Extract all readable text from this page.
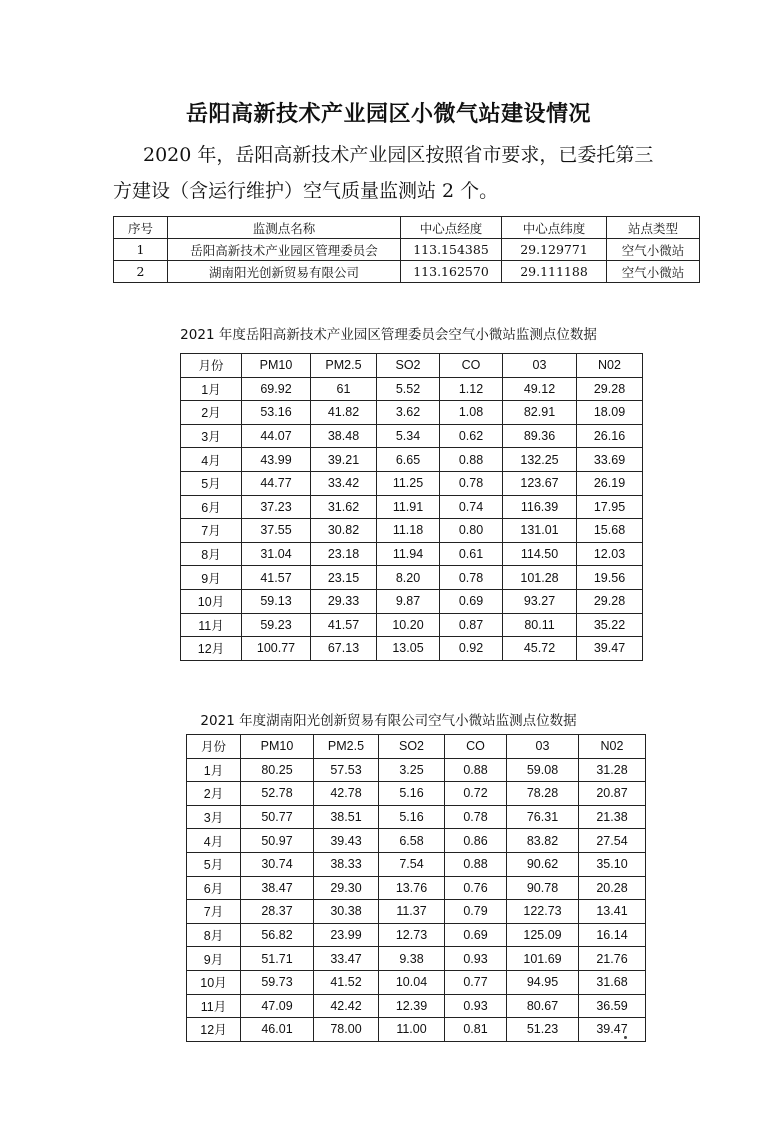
岳阳高新技术产业园区小微气站建设情况
2020 年，岳阳高新技术产业园区按照省市要求，已委托第三
方建设（含运行维护）空气质量监测站 2 个。
序号	监测点名称	中心点经度	中心点纬度	站点类型
1	岳阳高新技术产业园区管理委员会	113.154385	29.129771	空气小微站
2	湖南阳光创新贸易有限公司	113.162570	29.111188	空气小微站
2021 年度岳阳高新技术产业园区管理委员会空气小微站监测点位数据
月份	PM10	PM2.5	SO2	CO	03	N02
1月	69.92	61	5.52	1.12	49.12	29.28
2月	53.16	41.82	3.62	1.08	82.91	18.09
3月	44.07	38.48	5.34	0.62	89.36	26.16
4月	43.99	39.21	6.65	0.88	132.25	33.69
5月	44.77	33.42	11.25	0.78	123.67	26.19
6月	37.23	31.62	11.91	0.74	116.39	17.95
7月	37.55	30.82	11.18	0.80	131.01	15.68
8月	31.04	23.18	11.94	0.61	114.50	12.03
9月	41.57	23.15	8.20	0.78	101.28	19.56
10月	59.13	29.33	9.87	0.69	93.27	29.28
11月	59.23	41.57	10.20	0.87	80.11	35.22
12月	100.77	67.13	13.05	0.92	45.72	39.47
2021 年度湖南阳光创新贸易有限公司空气小微站监测点位数据
月份	PM10	PM2.5	SO2	CO	03	N02
1月	80.25	57.53	3.25	0.88	59.08	31.28
2月	52.78	42.78	5.16	0.72	78.28	20.87
3月	50.77	38.51	5.16	0.78	76.31	21.38
4月	50.97	39.43	6.58	0.86	83.82	27.54
5月	30.74	38.33	7.54	0.88	90.62	35.10
6月	38.47	29.30	13.76	0.76	90.78	20.28
7月	28.37	30.38	11.37	0.79	122.73	13.41
8月	56.82	23.99	12.73	0.69	125.09	16.14
9月	51.71	33.47	9.38	0.93	101.69	21.76
10月	59.73	41.52	10.04	0.77	94.95	31.68
11月	47.09	42.42	12.39	0.93	80.67	36.59
12月	46.01	78.00	11.00	0.81	51.23	39.47
